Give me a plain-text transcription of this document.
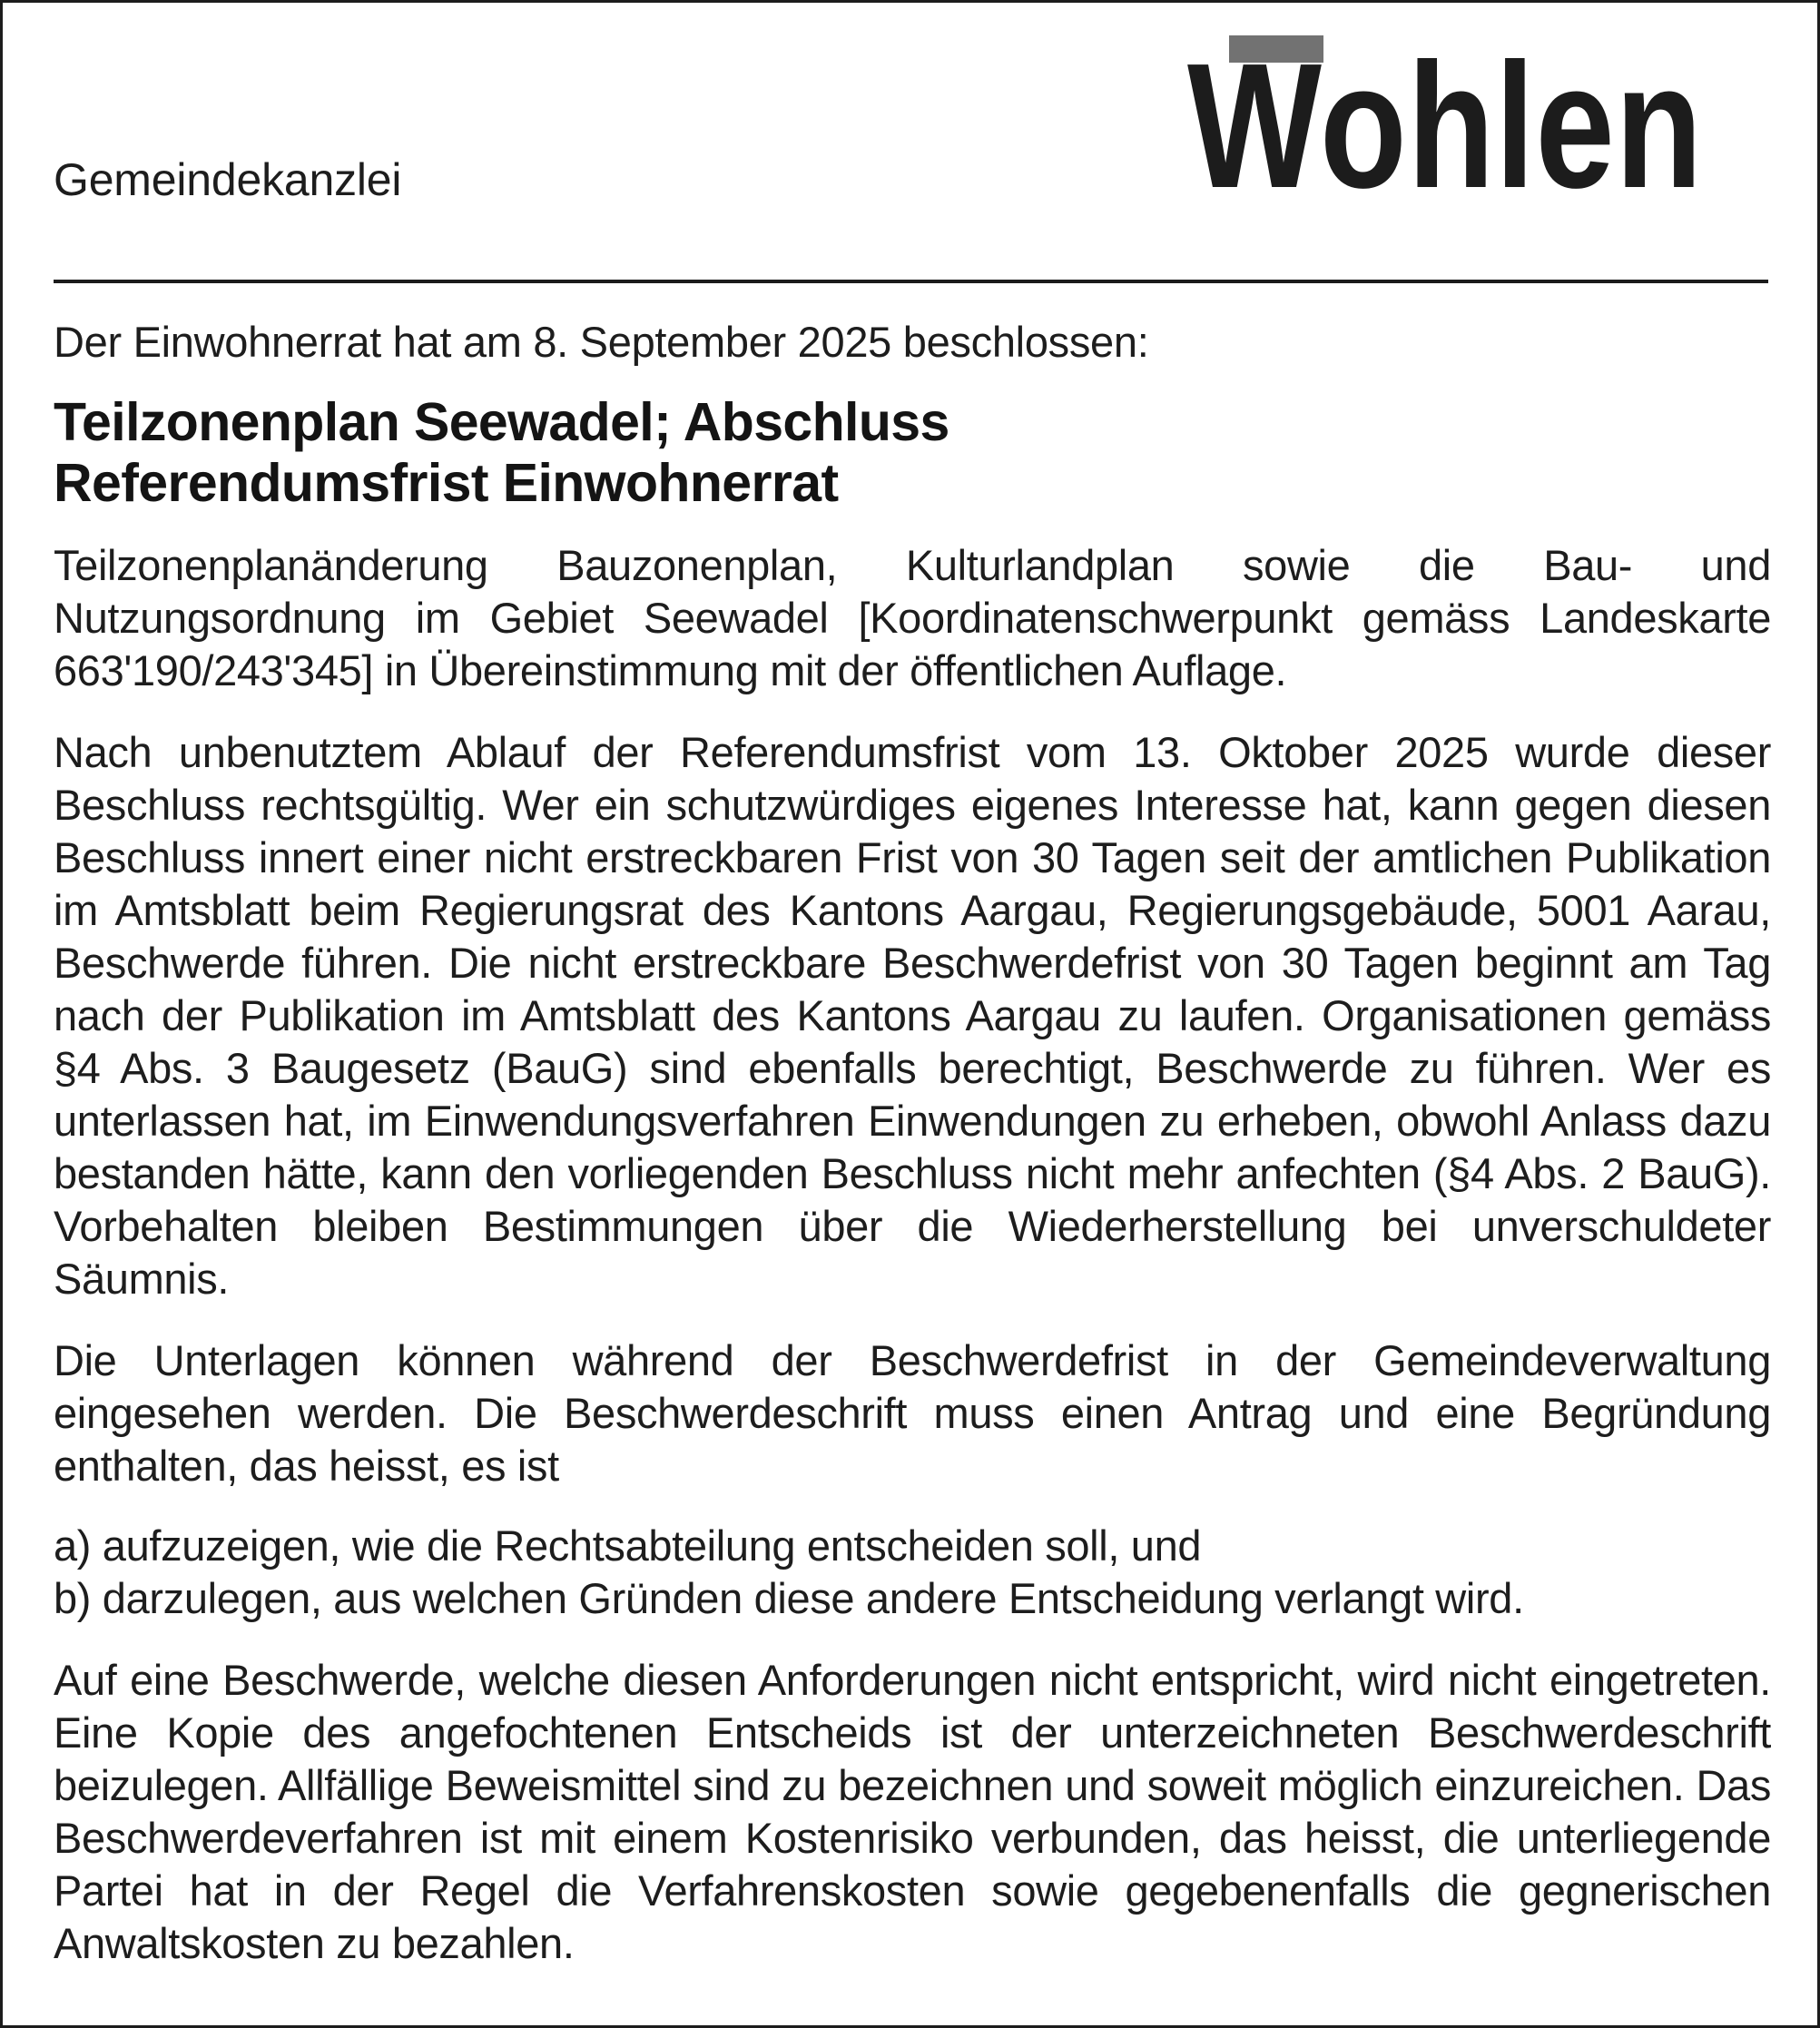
Gemeindekanzlei	Wohlen
Der Einwohnerrat hat am 8. September 2025 beschlossen:
Teilzonenplan Seewadel; Abschluss Referendumsfrist Einwohnerrat

Teilzonenplanänderung Bauzonenplan, Kulturlandplan sowie die Bau- und Nutzungsordnung im Gebiet Seewadel [Koordinatenschwerpunkt gemäss Landeskarte 663'190/243'345] in Übereinstimmung mit der öffentlichen Auflage.

Nach unbenutztem Ablauf der Referendumsfrist vom 13. Oktober 2025 wurde dieser Beschluss rechtsgültig. Wer ein schutzwürdiges eigenes Interesse hat, kann gegen diesen Beschluss innert einer nicht erstreckbaren Frist von 30 Tagen seit der amtlichen Publikation im Amtsblatt beim Regierungsrat des Kantons Aargau, Regierungsgebäude, 5001 Aarau, Beschwerde führen. Die nicht erstreckbare Beschwerdefrist von 30 Tagen beginnt am Tag nach der Publikation im Amtsblatt des Kantons Aargau zu laufen. Organisationen gemäss §4 Abs. 3 Baugesetz (BauG) sind ebenfalls berechtigt, Beschwerde zu führen. Wer es unterlassen hat, im Einwendungsverfahren Einwendungen zu erheben, obwohl Anlass dazu bestanden hätte, kann den vorliegenden Beschluss nicht mehr anfechten (§4 Abs. 2 BauG). Vorbehalten bleiben Bestimmungen über die Wiederherstellung bei unverschuldeter Säumnis.

Die Unterlagen können während der Beschwerdefrist in der Gemeindeverwaltung eingesehen werden. Die Beschwerdeschrift muss einen Antrag und eine Begründung enthalten, das heisst, es ist

a) aufzuzeigen, wie die Rechtsabteilung entscheiden soll, und
b) darzulegen, aus welchen Gründen diese andere Entscheidung verlangt wird.

Auf eine Beschwerde, welche diesen Anforderungen nicht entspricht, wird nicht eingetreten. Eine Kopie des angefochtenen Entscheids ist der unterzeichneten Beschwerdeschrift beizulegen. Allfällige Beweismittel sind zu bezeichnen und soweit möglich einzureichen. Das Beschwerdeverfahren ist mit einem Kostenrisiko verbunden, das heisst, die unterliegende Partei hat in der Regel die Verfahrenskosten sowie gegebenenfalls die gegnerischen Anwaltskosten zu bezahlen.
